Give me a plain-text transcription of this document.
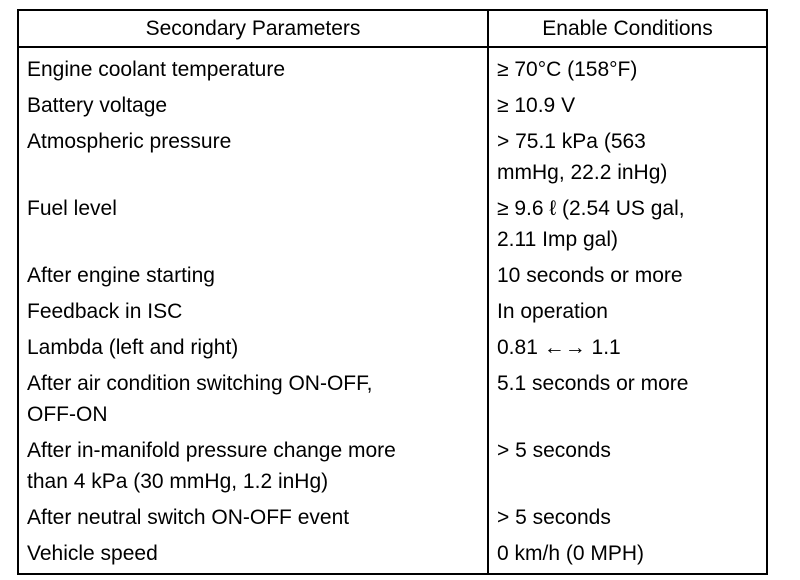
Secondary Parameters	Enable Conditions
Engine coolant temperature	≥ 70°C (158°F)
Battery voltage	≥ 10.9 V
Atmospheric pressure	> 75.1 kPa (563
mmHg, 22.2 inHg)
Fuel level	≥ 9.6 ℓ (2.54 US gal,
2.11 Imp gal)
After engine starting	10 seconds or more
Feedback in ISC	In operation
Lambda (left and right)	0.81 ←→ 1.1
After air condition switching ON-OFF,
OFF-ON	5.1 seconds or more
After in-manifold pressure change more
than 4 kPa (30 mmHg, 1.2 inHg)	> 5 seconds
After neutral switch ON-OFF event	> 5 seconds
Vehicle speed	0 km/h (0 MPH)
